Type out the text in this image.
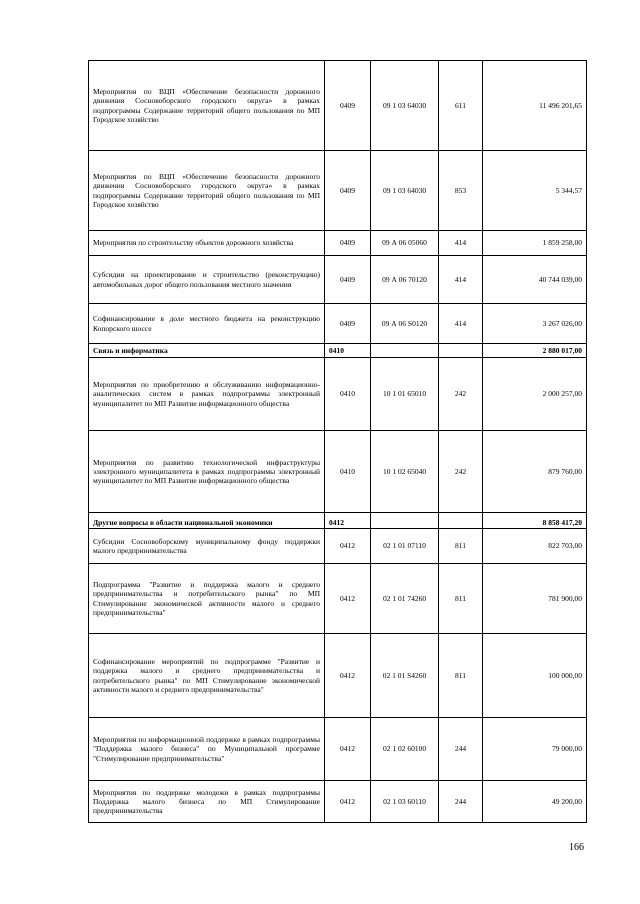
Мероприятия по ВЦП «Обеспечение безопасности дорожного движения Сосновоборского городского округа» в рамках подпрограммы Содержание территорий общего пользования по МП Городское хозяйство	0409	09 1 03 64030	611	11 496 201,65
Мероприятия по ВЦП «Обеспечение безопасности дорожного движения Сосновоборского городского округа» в рамках подпрограммы Содержание территорий общего пользования по МП Городское хозяйство	0409	09 1 03 64030	853	5 344,57
Мероприятия по строительству объектов дорожного хозяйства	0409	09 А 06 05060	414	1 859 258,00
Субсидии на проектирование и строительство (реконструкцию) автомобильных дорог общего пользования местного значения	0409	09 А 06 70120	414	40 744 039,00
Софинансирование в доле местного бюджета на реконструкцию Копорского шоссе	0409	09 А 06 S0120	414	3 267 026,00
Связь и информатика	0410			2 880 017,00
Мероприятия по приобретению и обслуживанию информационно-аналитических систем в рамках подпрограммы электронный муниципалитет по МП Развитие информационного общества	0410	10 1 01 65010	242	2 000 257,00
Мероприятия по развитию технологической инфраструктуры электронного муниципалитета в рамках подпрограммы электронный муниципалитет по МП Развитие информационного общества	0410	10 1 02 65040	242	879 760,00
Другие вопросы в области национальной экономики	0412			8 858 417,20
Субсидии Сосновоборскому муниципальному фонду поддержки малого предпринимательства	0412	02 1 01 07110	811	822 703,00
Подпрограмма "Развитие и поддержка малого и среднего предпринимательства и потребительского рынка" по МП Стимулирование экономической активности малого и среднего предпринимательства"	0412	02 1 01 74260	811	781 900,00
Софинансирование мероприятий по подпрограмме "Развитие и поддержка малого и среднего предпринимательства и потребительского рынка" по МП Стимулирование экономической активности малого и среднего предпринимательства"	0412	02 1 01 S4260	811	100 000,00
Мероприятия по информационной поддержке в рамках подпрограммы "Поддержка малого бизнеса" по Муниципальной программе "Стимулирование предпринимательства"	0412	02 1 02 60100	244	79 000,00
Мероприятия по поддержке молодежи в рамках подпрограммы Поддержка малого бизнеса по МП Стимулирование предпринимательства	0412	02 1 03 60110	244	49 200,00
166
